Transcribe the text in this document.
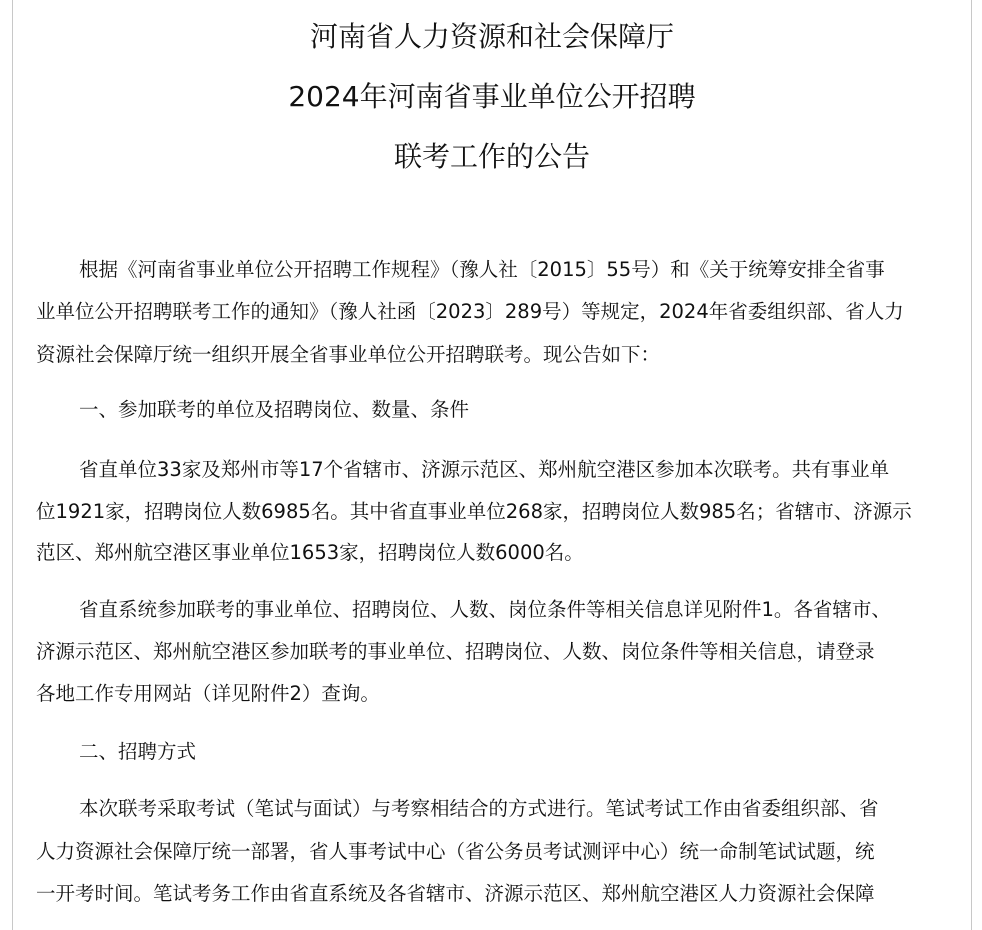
河南省人力资源和社会保障厅
2024年河南省事业单位公开招聘
联考工作的公告
根据《河南省事业单位公开招聘工作规程》（豫人社〔2015〕55号）和《关于统筹安排全省事
业单位公开招聘联考工作的通知》（豫人社函〔2023〕289号）等规定，2024年省委组织部、省人力
资源社会保障厅统一组织开展全省事业单位公开招聘联考。现公告如下：
一、参加联考的单位及招聘岗位、数量、条件
省直单位33家及郑州市等17个省辖市、济源示范区、郑州航空港区参加本次联考。共有事业单
位1921家，招聘岗位人数6985名。其中省直事业单位268家，招聘岗位人数985名；省辖市、济源示
范区、郑州航空港区事业单位1653家，招聘岗位人数6000名。
省直系统参加联考的事业单位、招聘岗位、人数、岗位条件等相关信息详见附件1。各省辖市、
济源示范区、郑州航空港区参加联考的事业单位、招聘岗位、人数、岗位条件等相关信息，请登录
各地工作专用网站（详见附件2）查询。
二、招聘方式
本次联考采取考试（笔试与面试）与考察相结合的方式进行。笔试考试工作由省委组织部、省
人力资源社会保障厅统一部署，省人事考试中心（省公务员考试测评中心）统一命制笔试试题，统
一开考时间。笔试考务工作由省直系统及各省辖市、济源示范区、郑州航空港区人力资源社会保障
